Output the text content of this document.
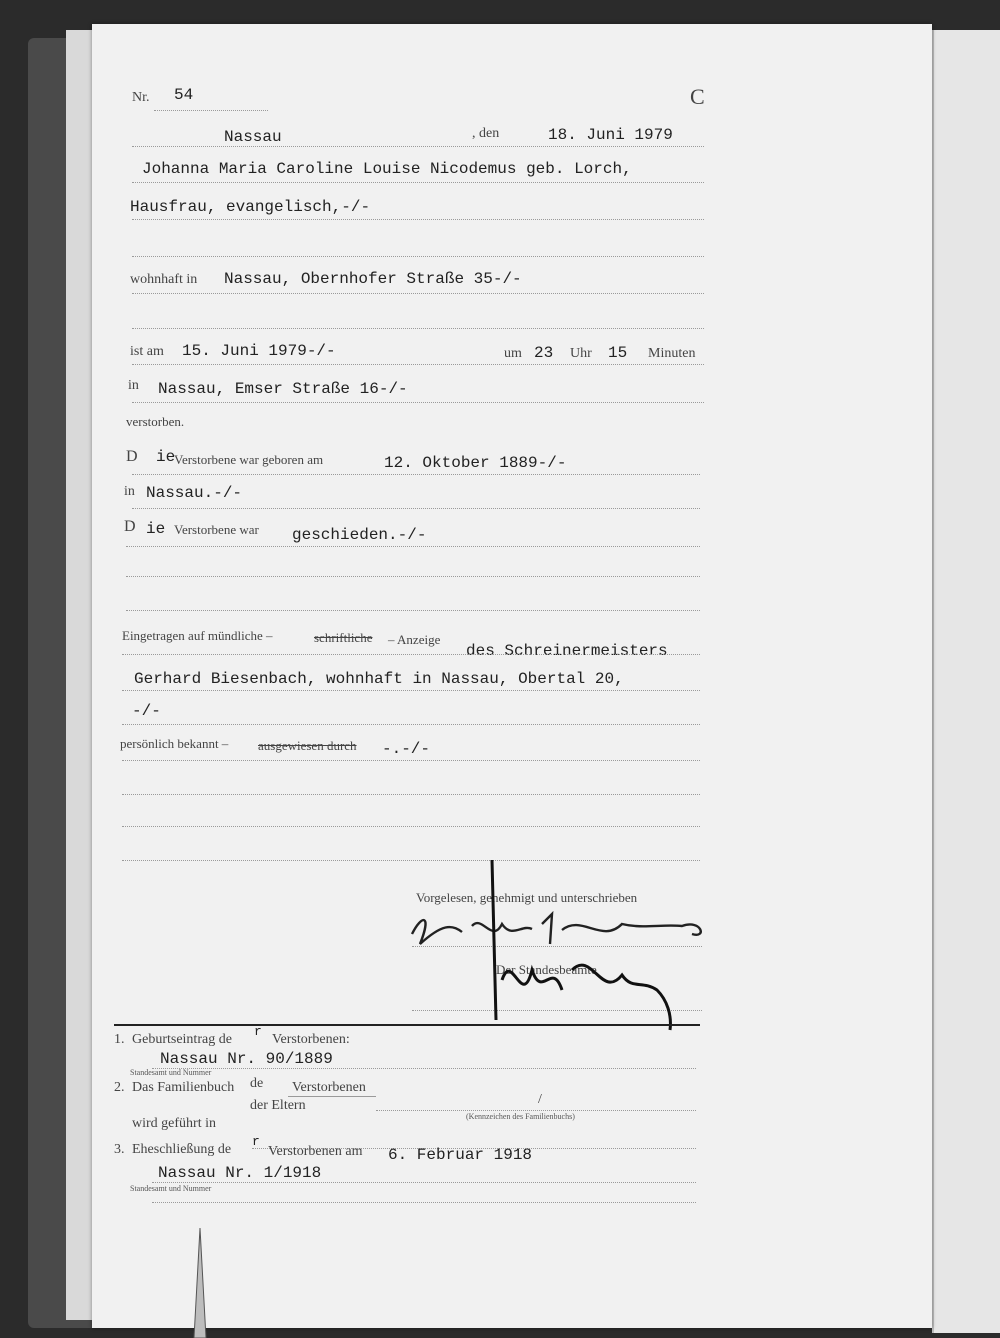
Nr. 54	C
Nassau	, den	18. Juni 1979
Johanna Maria Caroline Louise Nicodemus geb. Lorch,
Hausfrau, evangelisch,-/-
wohnhaft in Nassau, Obernhofer Straße 35-/-
ist am 15. Juni 1979-/-	um 23 Uhr 15 Minuten
in Nassau, Emser Straße 16-/-
verstorben.
D ie
Verstorbene war geboren am	12. Oktober 1889-/-
in Nassau.-/-
D ie Verstorbene war geschieden.-/-
Eingetragen auf mündliche –	schriftliche – Anzeige
des Schreinermeisters
Gerhard Biesenbach, wohnhaft in Nassau, Obertal 20,
-/-
persönlich bekannt – ausgewiesen durch -.-/-
Vorgelesen, genehmigt und unterschrieben
Der Standesbeamte
1. Geburtseintrag de
r
Verstorbenen:
Nassau Nr. 90/1889
Standesamt und Nummer
2. Das Familienbuch de Verstorbenen
der Eltern	/
(Kennzeichen des Familienbuchs)
wird geführt in
3. Eheschließung de
r
Verstorbenen am 6. Februar 1918
Nassau Nr. 1/1918
Standesamt und Nummer
